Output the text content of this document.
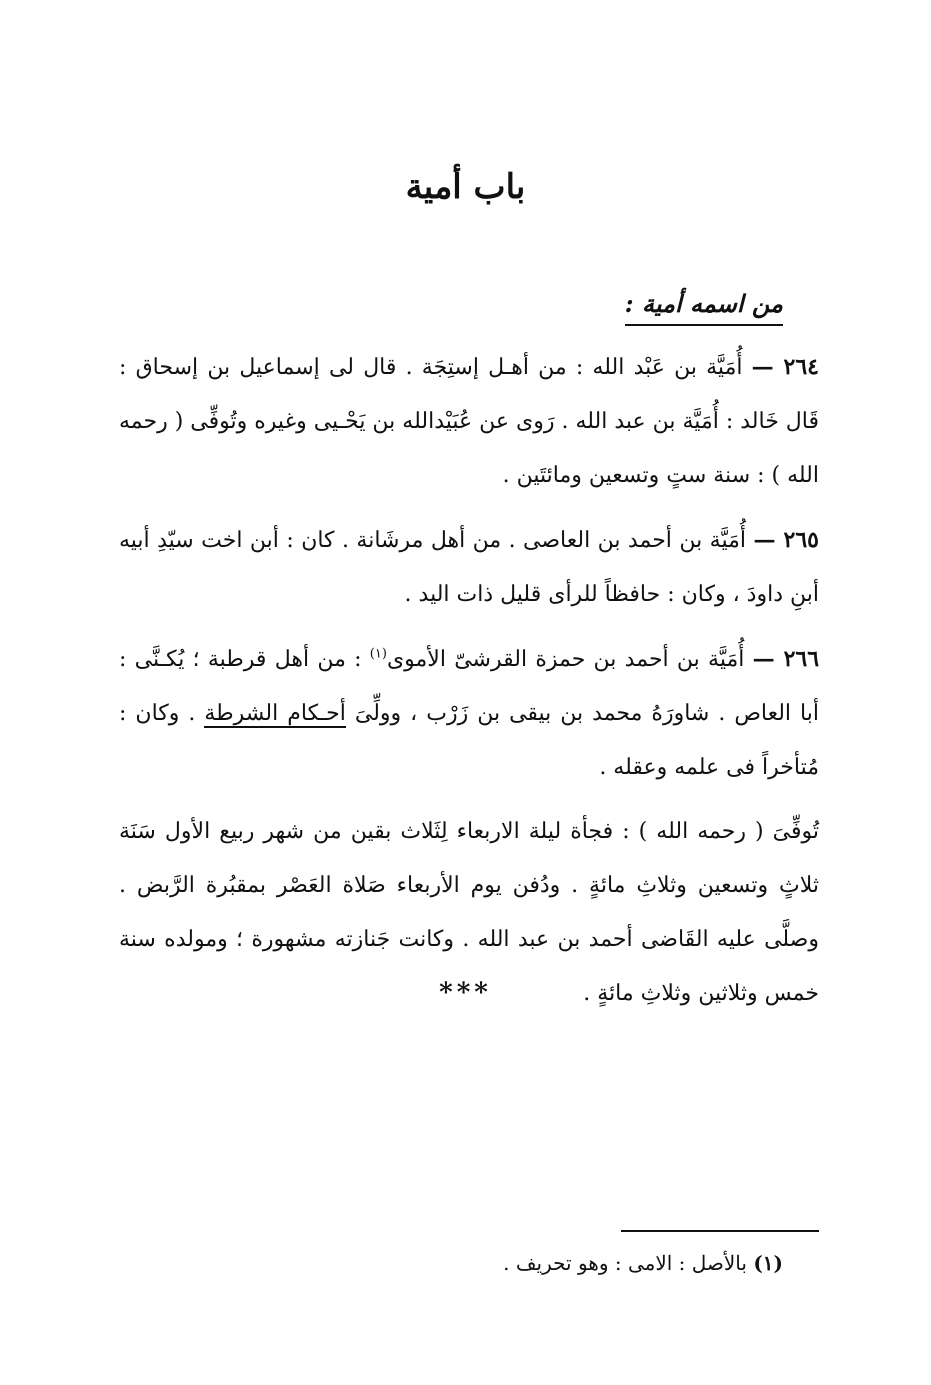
باب أمية
من اسمه أمية :

٢٦٤ — أُمَيَّة بن عَبْد الله : من أهـل إستِجَة . قال لى إسماعيل بن إسحاق : قَال خَالد : أُمَيَّة بن عبد الله . رَوى عن عُبَيْدالله بن يَحْـيى وغيره وتُوفِّى ( رحمه الله ) : سنة ستٍ وتسعين ومائتَين .

٢٦٥ — أُمَيَّة بن أحمد بن العاصى . من أهل مرشَانة . كان : أبن اخت سيّدِ أبيه أبنِ داودَ ، وكان : حافظاً للرأى قليل ذات اليد .

٢٦٦ — أُمَيَّة بن أحمد بن حمزة القرشىّ الأموى$^{(١)}$ : من أهل قرطبة ؛ يُكـنَّى : أبا العاص . شاورَهُ محمد بن بيقى بن زَرْب ، وولِّىَ أحـكام الشرطة . وكان : مُتأخراً فى علمه وعقله .

تُوفِّىَ ( رحمه الله ) : فجأة ليلة الاربعاء لِثَلاث بقين من شهر ربيع الأول سَنَة ثلاثٍ وتسعين وثلاثِ مائةٍ . ودُفن يوم الأربعاء صَلاة العَصْر بمقبُرة الرَّبض . وصلَّى عليه القَاضى أحمد بن عبد الله . وكانت جَنازته مشهورة ؛ ومولده سنة خمس وثلاثين وثلاثِ مائةٍ .

***
(١) بالأصل : الامى : وهو تحريف .
